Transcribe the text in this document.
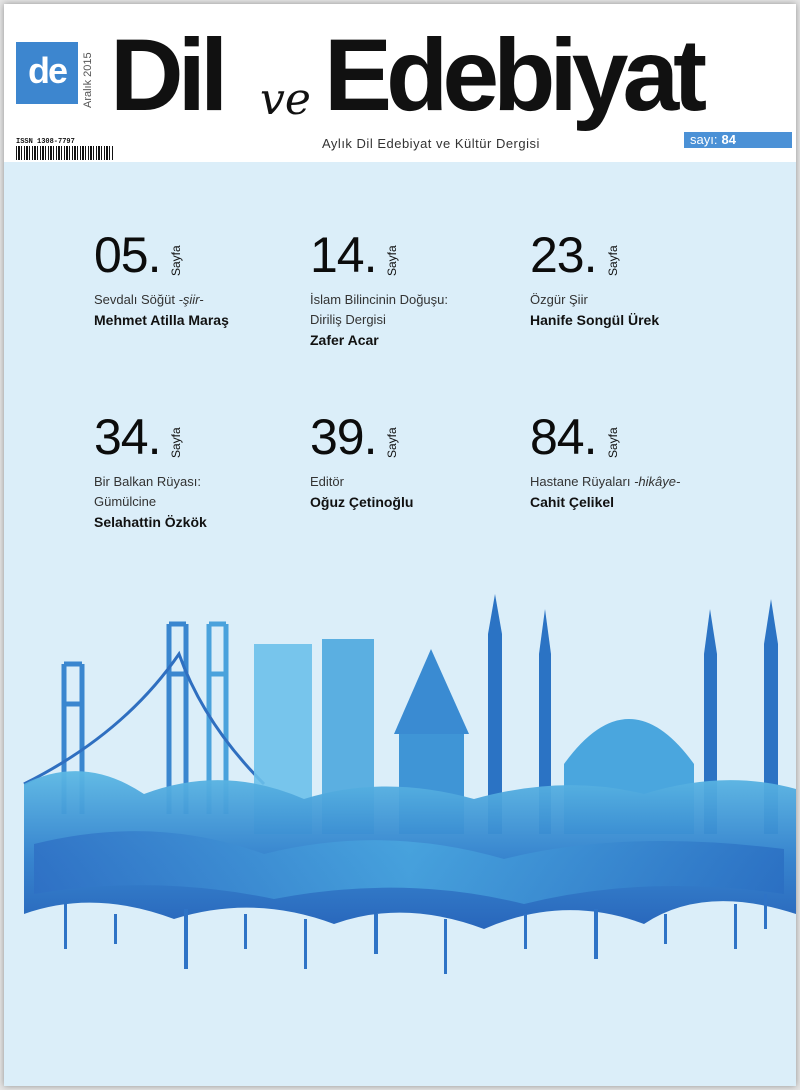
de	Aralık 2015
ISSN 1308-7797
Dil ve Edebiyat
Aylık Dil Edebiyat ve Kültür Dergisi	sayı: 84
05. Sayfa
Sevdalı Söğüt -şiir-
Mehmet Atilla Maraş
14. Sayfa
İslam Bilincinin Doğuşu:
Diriliş Dergisi
Zafer Acar
23. Sayfa
Özgür Şiir
Hanife Songül Ürek
34. Sayfa
Bir Balkan Rüyası:
Gümülcine
Selahattin Özkök
39. Sayfa
Editör
Oğuz Çetinoğlu
84. Sayfa
Hastane Rüyaları -hikâye-
Cahit Çelikel
